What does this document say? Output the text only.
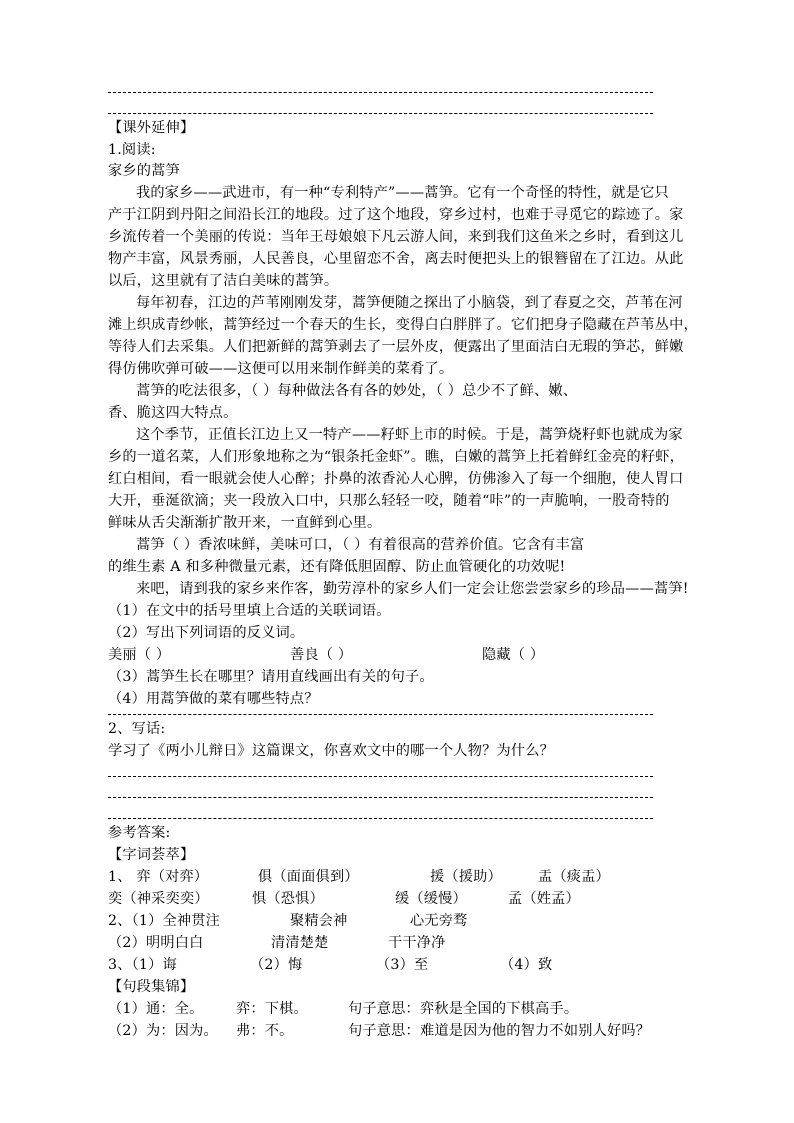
【课外延伸】
1.阅读:
家乡的蒿笋
我的家乡——武进市，有一种“专利特产”——蒿笋。它有一个奇怪的特性，就是它只
产于江阴到丹阳之间沿长江的地段。过了这个地段，穿乡过村，也难于寻觅它的踪迹了。家
乡流传着一个美丽的传说：当年王母娘娘下凡云游人间，来到我们这鱼米之乡时，看到这儿
物产丰富，风景秀丽，人民善良，心里留恋不舍，离去时便把头上的银簪留在了江边。从此
以后，这里就有了洁白美味的蒿笋。
每年初春，江边的芦苇刚刚发芽，蒿笋便随之探出了小脑袋，到了春夏之交，芦苇在河
滩上织成青纱帐，蒿笋经过一个春天的生长，变得白白胖胖了。它们把身子隐藏在芦苇丛中，
等待人们去采集。人们把新鲜的蒿笋剥去了一层外皮，便露出了里面洁白无瑕的笋芯，鲜嫩
得仿佛吹弹可破——这便可以用来制作鲜美的菜肴了。
蒿笋的吃法很多，（ ）每种做法各有各的妙处，（ ）总少不了鲜、嫩、
香、脆这四大特点。
这个季节，正值长江边上又一特产——籽虾上市的时候。于是，蒿笋烧籽虾也就成为家
乡的一道名菜，人们形象地称之为“银条托金虾”。瞧，白嫩的蒿笋上托着鲜红金亮的籽虾，
红白相间，看一眼就会使人心醉；扑鼻的浓香沁人心脾，仿佛渗入了每一个细胞，使人胃口
大开，垂涎欲滴；夹一段放入口中，只那么轻轻一咬，随着“咔”的一声脆响，一股奇特的
鲜味从舌尖渐渐扩散开来，一直鲜到心里。
蒿笋（ ）香浓味鲜，美味可口，（ ）有着很高的营养价值。它含有丰富
的维生素 A 和多种微量元素，还有降低胆固醇、防止血管硬化的功效呢!
来吧，请到我的家乡来作客，勤劳淳朴的家乡人们一定会让您尝尝家乡的珍品——蒿笋!
（1）在文中的括号里填上合适的关联词语。
（2）写出下列词语的反义词。
美丽（ ）	善良（ ）	隐藏（ ）
（3）蒿笋生长在哪里？请用直线画出有关的句子。
（4）用蒿笋做的菜有哪些特点？
2、写话:
学习了《两小儿辩日》这篇课文，你喜欢文中的哪一个人物？为什么？
参考答案:
【字词荟萃】
1、 弈（对弈）	俱（面面俱到）	援（援助）	盂（痰盂）
奕（神采奕奕）	惧（恐惧）	缓（缓慢）	孟（姓孟）
2、（1）全神贯注	聚精会神	心无旁骛
（2）明明白白	清清楚楚	干干净净
3、（1）诲	（2）悔	（3）至	（4）致
【句段集锦】
（1）通：全。 弈：下棋。	句子意思：弈秋是全国的下棋高手。
（2）为：因为。 弗：不。	句子意思：难道是因为他的智力不如别人好吗？
